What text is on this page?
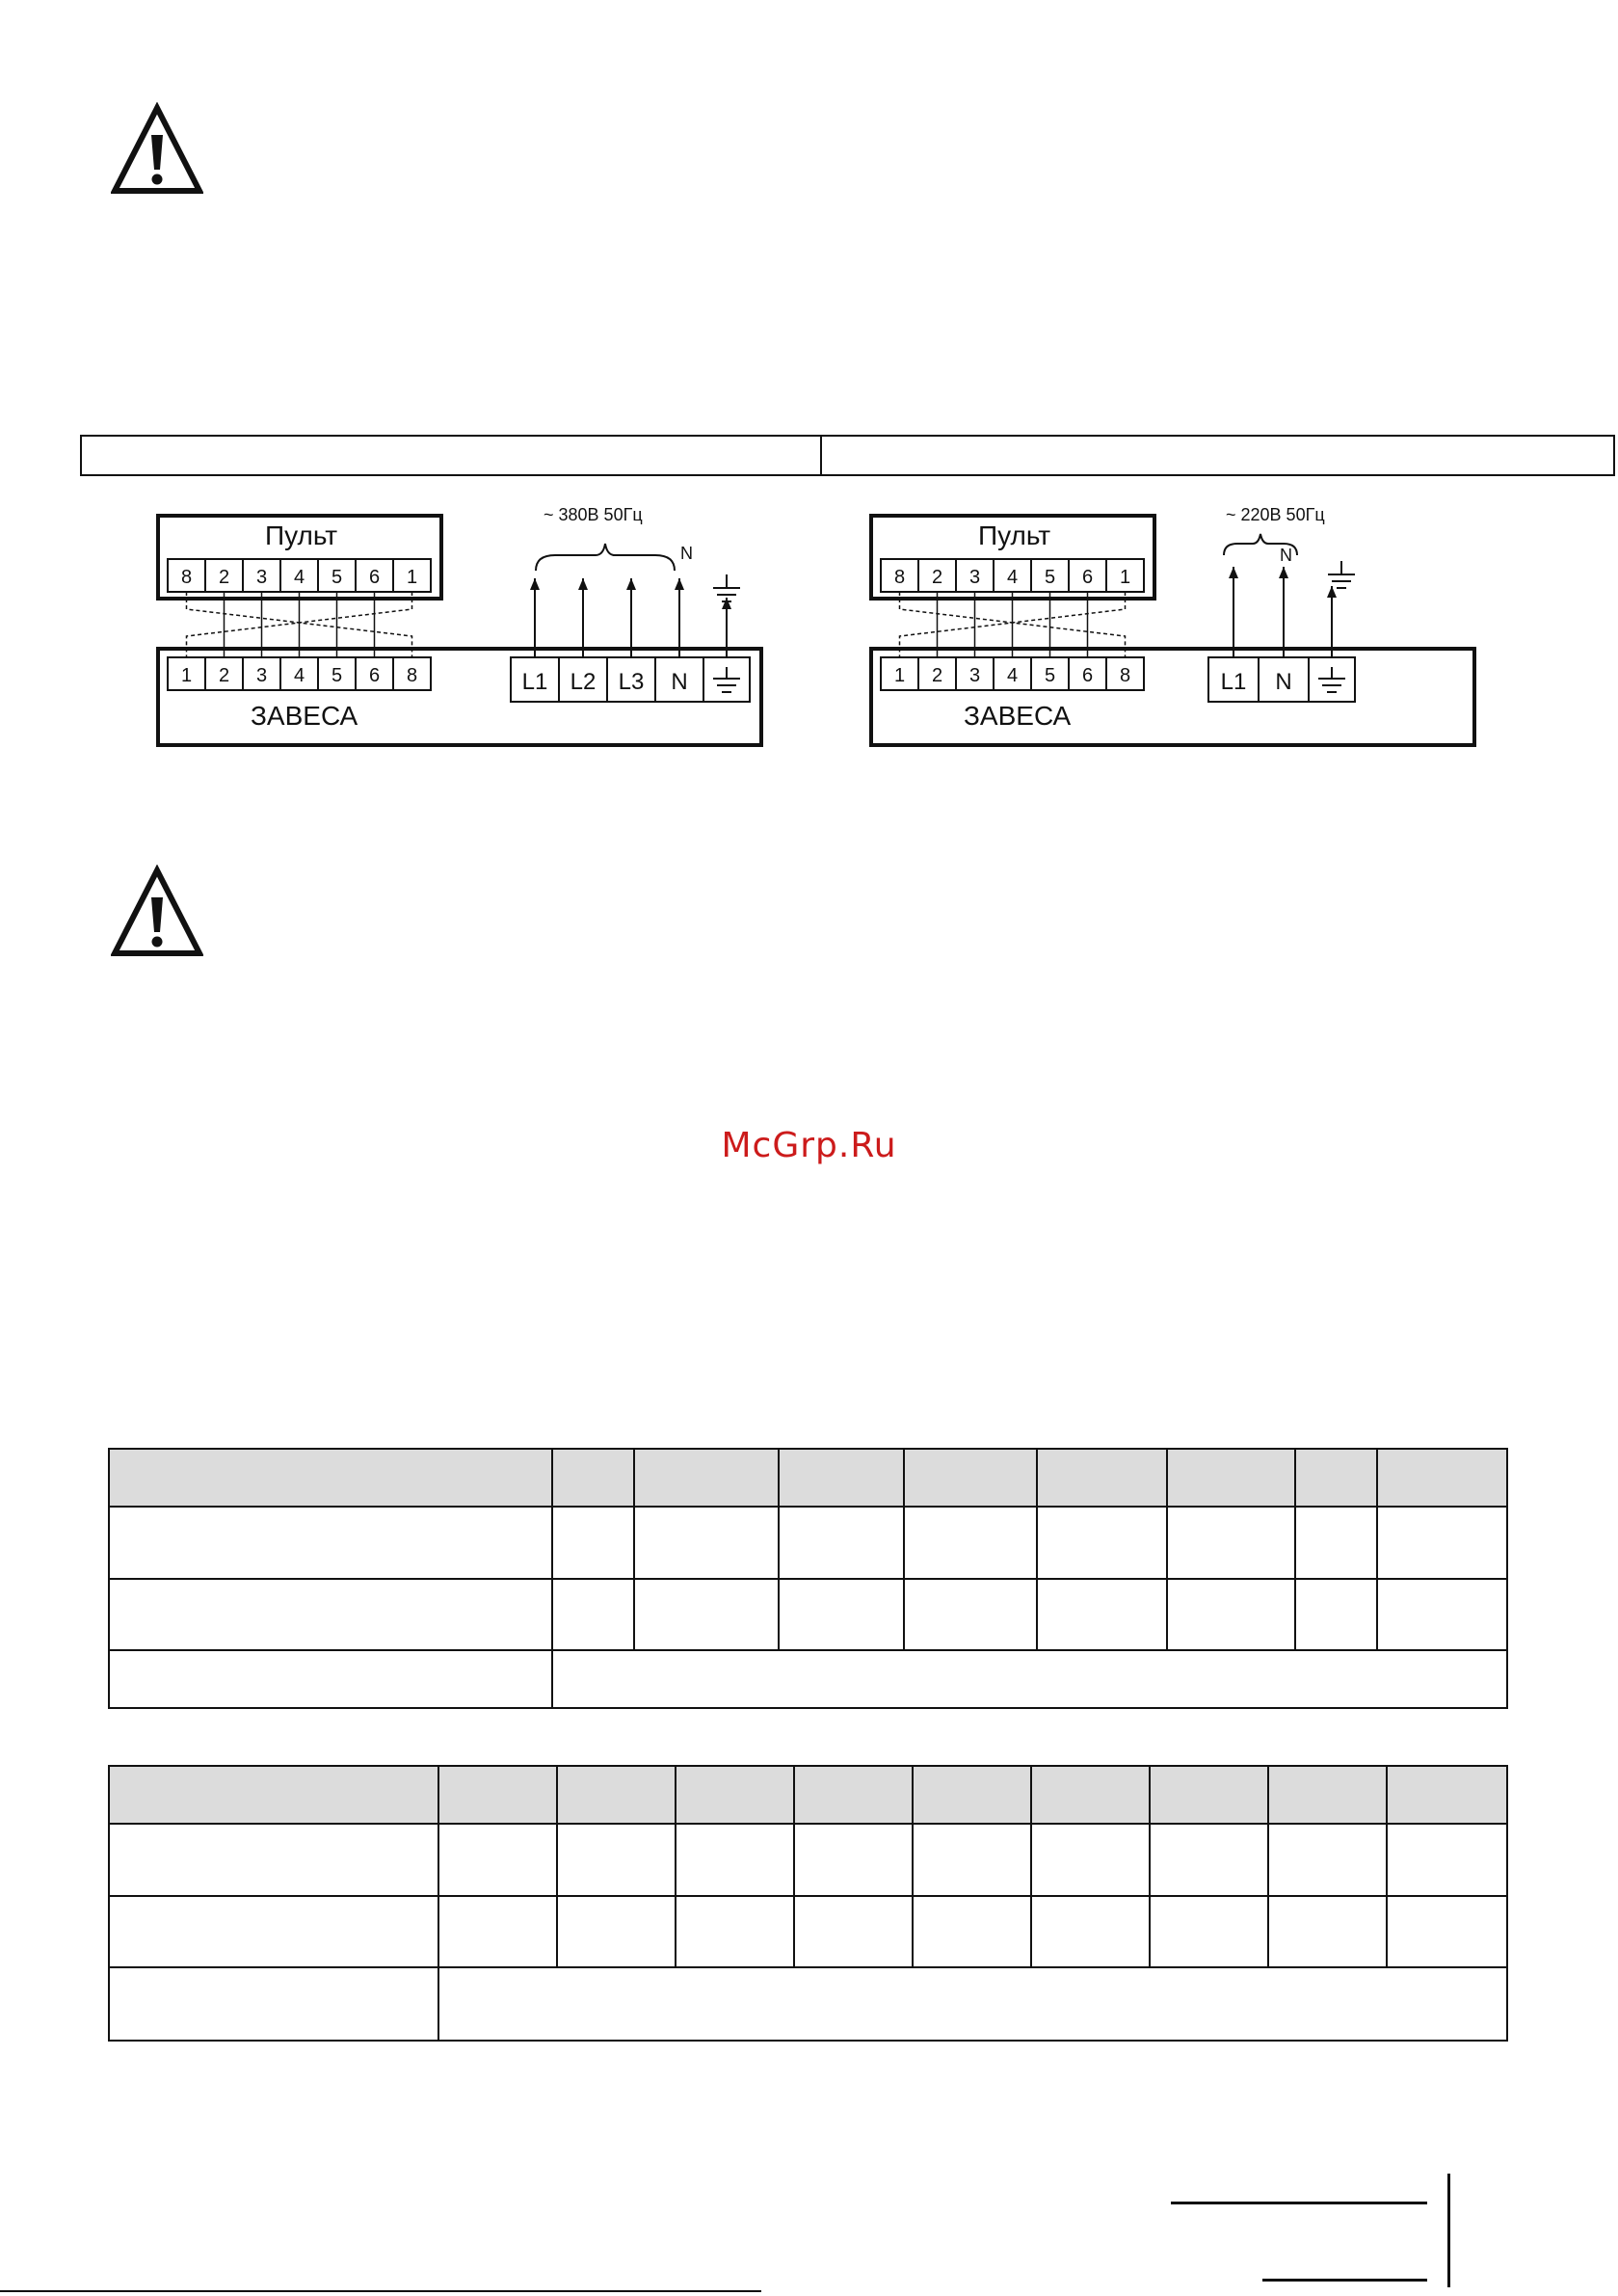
Пульт
8 2 3 4 5 6 1
ЗАВЕСА
1 2 3 4 5 6 8
~ 380В 50Гц
N
L1 L2 L3 N
Пульт
8 2 3 4 5 6 1
ЗАВЕСА
1 2 3 4 5 6 8
~ 220В 50Гц
N
L1 N
McGrp.Ru
